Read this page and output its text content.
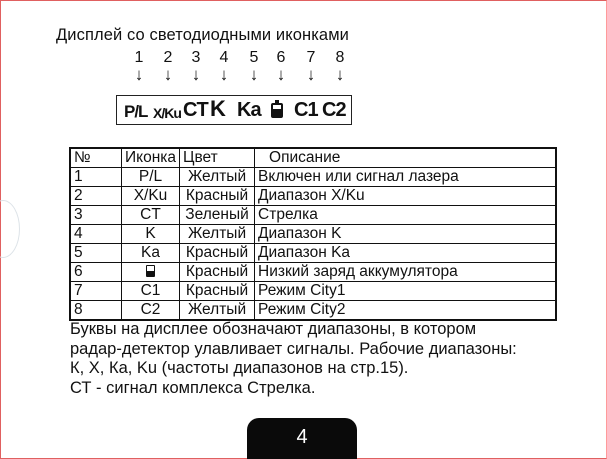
Дисплей со светодиодными иконками
1	2	3	4	5	6	7	8
↓	↓	↓	↓	↓	↓	↓	↓
P/L X/Ku CT K Ka C1 C2
№	Иконка	Цвет	Описание
1	P/L	Желтый	Включен или сигнал лазера
2	X/Ku	Красный	Диапазон X/Ku
3	CT	Зеленый	Стрелка
4	K	Желтый	Диапазон K
5	Ka	Красный	Диапазон Ka
6		Красный	Низкий заряд аккумулятора
7	C1	Красный	Режим City1
8	C2	Желтый	Режим City2
Буквы на дисплее обозначают диапазоны, в котором
радар-детектор улавливает сигналы. Рабочие диапазоны:
К, X, Ка, Ku (частоты диапазонов на стр.15).
СТ - сигнал комплекса Стрелка.
4
